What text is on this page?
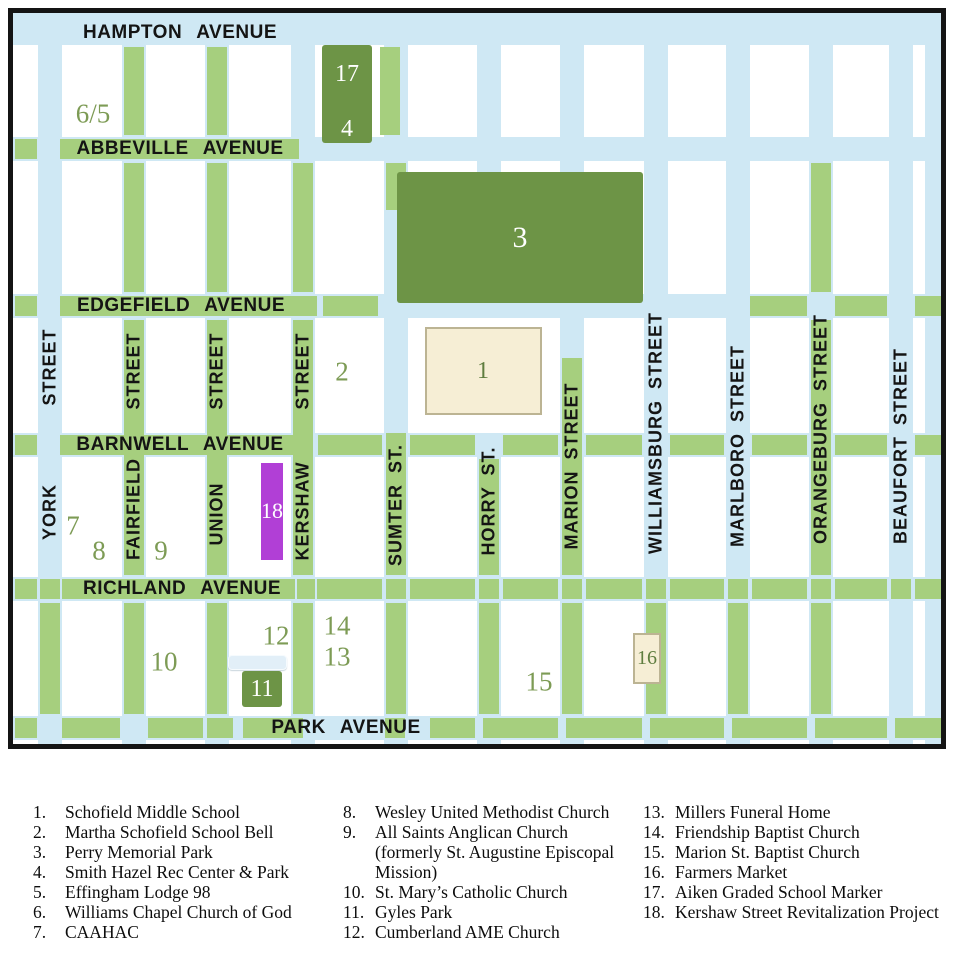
HAMPTON AVENUE
ABBEVILLE AVENUE
EDGEFIELD AVENUE
BARNWELL AVENUE
RICHLAND AVENUE
PARK AVENUE
STREET
YORK
STREET
FAIRFIELD
STREET
UNION
STREET
KERSHAW	SUMTER ST.	HORRY ST.	MARION STREET	WILLIAMSBURG STREET	MARLBORO STREET	ORANGEBURG STREET	BEAUFORT STREET
6/5
17
4
3
2	1
7
8 9
18
12 14
13
10
11	15
16
1. Schofield Middle School
2. Martha Schofield School Bell
3. Perry Memorial Park
4. Smith Hazel Rec Center & Park
5. Effingham Lodge 98
6. Williams Chapel Church of God
7. CAAHAC
8. Wesley United Methodist Church
9. All Saints Anglican Church (formerly St. Augustine Episcopal Mission)
10. St. Mary’s Catholic Church
11. Gyles Park
12. Cumberland AME Church
13. Millers Funeral Home
14. Friendship Baptist Church
15. Marion St. Baptist Church
16. Farmers Market
17. Aiken Graded School Marker
18. Kershaw Street Revitalization Project
